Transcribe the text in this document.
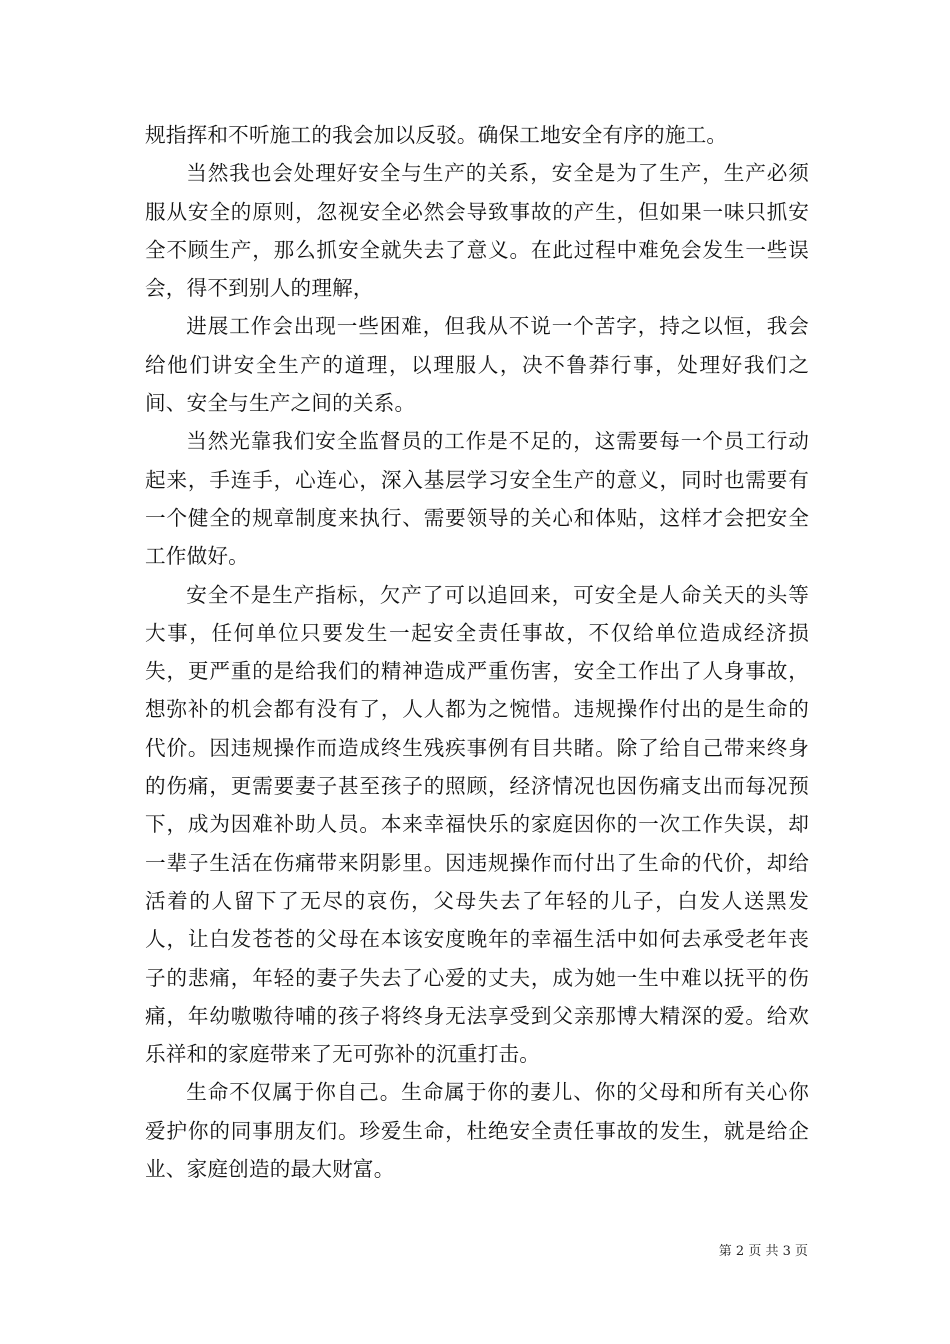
规指挥和不听施工的我会加以反驳。确保工地安全有序的施工。

当然我也会处理好安全与生产的关系，安全是为了生产，生产必须服从安全的原则，忽视安全必然会导致事故的产生，但如果一味只抓安全不顾生产，那么抓安全就失去了意义。在此过程中难免会发生一些误会，得不到别人的理解，

进展工作会出现一些困难，但我从不说一个苦字，持之以恒，我会给他们讲安全生产的道理，以理服人，决不鲁莽行事，处理好我们之间、安全与生产之间的关系。

当然光靠我们安全监督员的工作是不足的，这需要每一个员工行动起来，手连手，心连心，深入基层学习安全生产的意义，同时也需要有一个健全的规章制度来执行、需要领导的关心和体贴，这样才会把安全工作做好。

安全不是生产指标，欠产了可以追回来，可安全是人命关天的头等大事，任何单位只要发生一起安全责任事故，不仅给单位造成经济损失，更严重的是给我们的精神造成严重伤害，安全工作出了人身事故，想弥补的机会都有没有了，人人都为之惋惜。违规操作付出的是生命的代价。因违规操作而造成终生残疾事例有目共睹。除了给自己带来终身的伤痛，更需要妻子甚至孩子的照顾，经济情况也因伤痛支出而每况预下，成为因难补助人员。本来幸福快乐的家庭因你的一次工作失误，却一辈子生活在伤痛带来阴影里。因违规操作而付出了生命的代价，却给活着的人留下了无尽的哀伤，父母失去了年轻的儿子，白发人送黑发人，让白发苍苍的父母在本该安度晚年的幸福生活中如何去承受老年丧子的悲痛，年轻的妻子失去了心爱的丈夫，成为她一生中难以抚平的伤痛，年幼嗷嗷待哺的孩子将终身无法享受到父亲那博大精深的爱。给欢乐祥和的家庭带来了无可弥补的沉重打击。

生命不仅属于你自己。生命属于你的妻儿、你的父母和所有关心你爱护你的同事朋友们。珍爱生命，杜绝安全责任事故的发生，就是给企业、家庭创造的最大财富。

第 2 页 共 3 页
